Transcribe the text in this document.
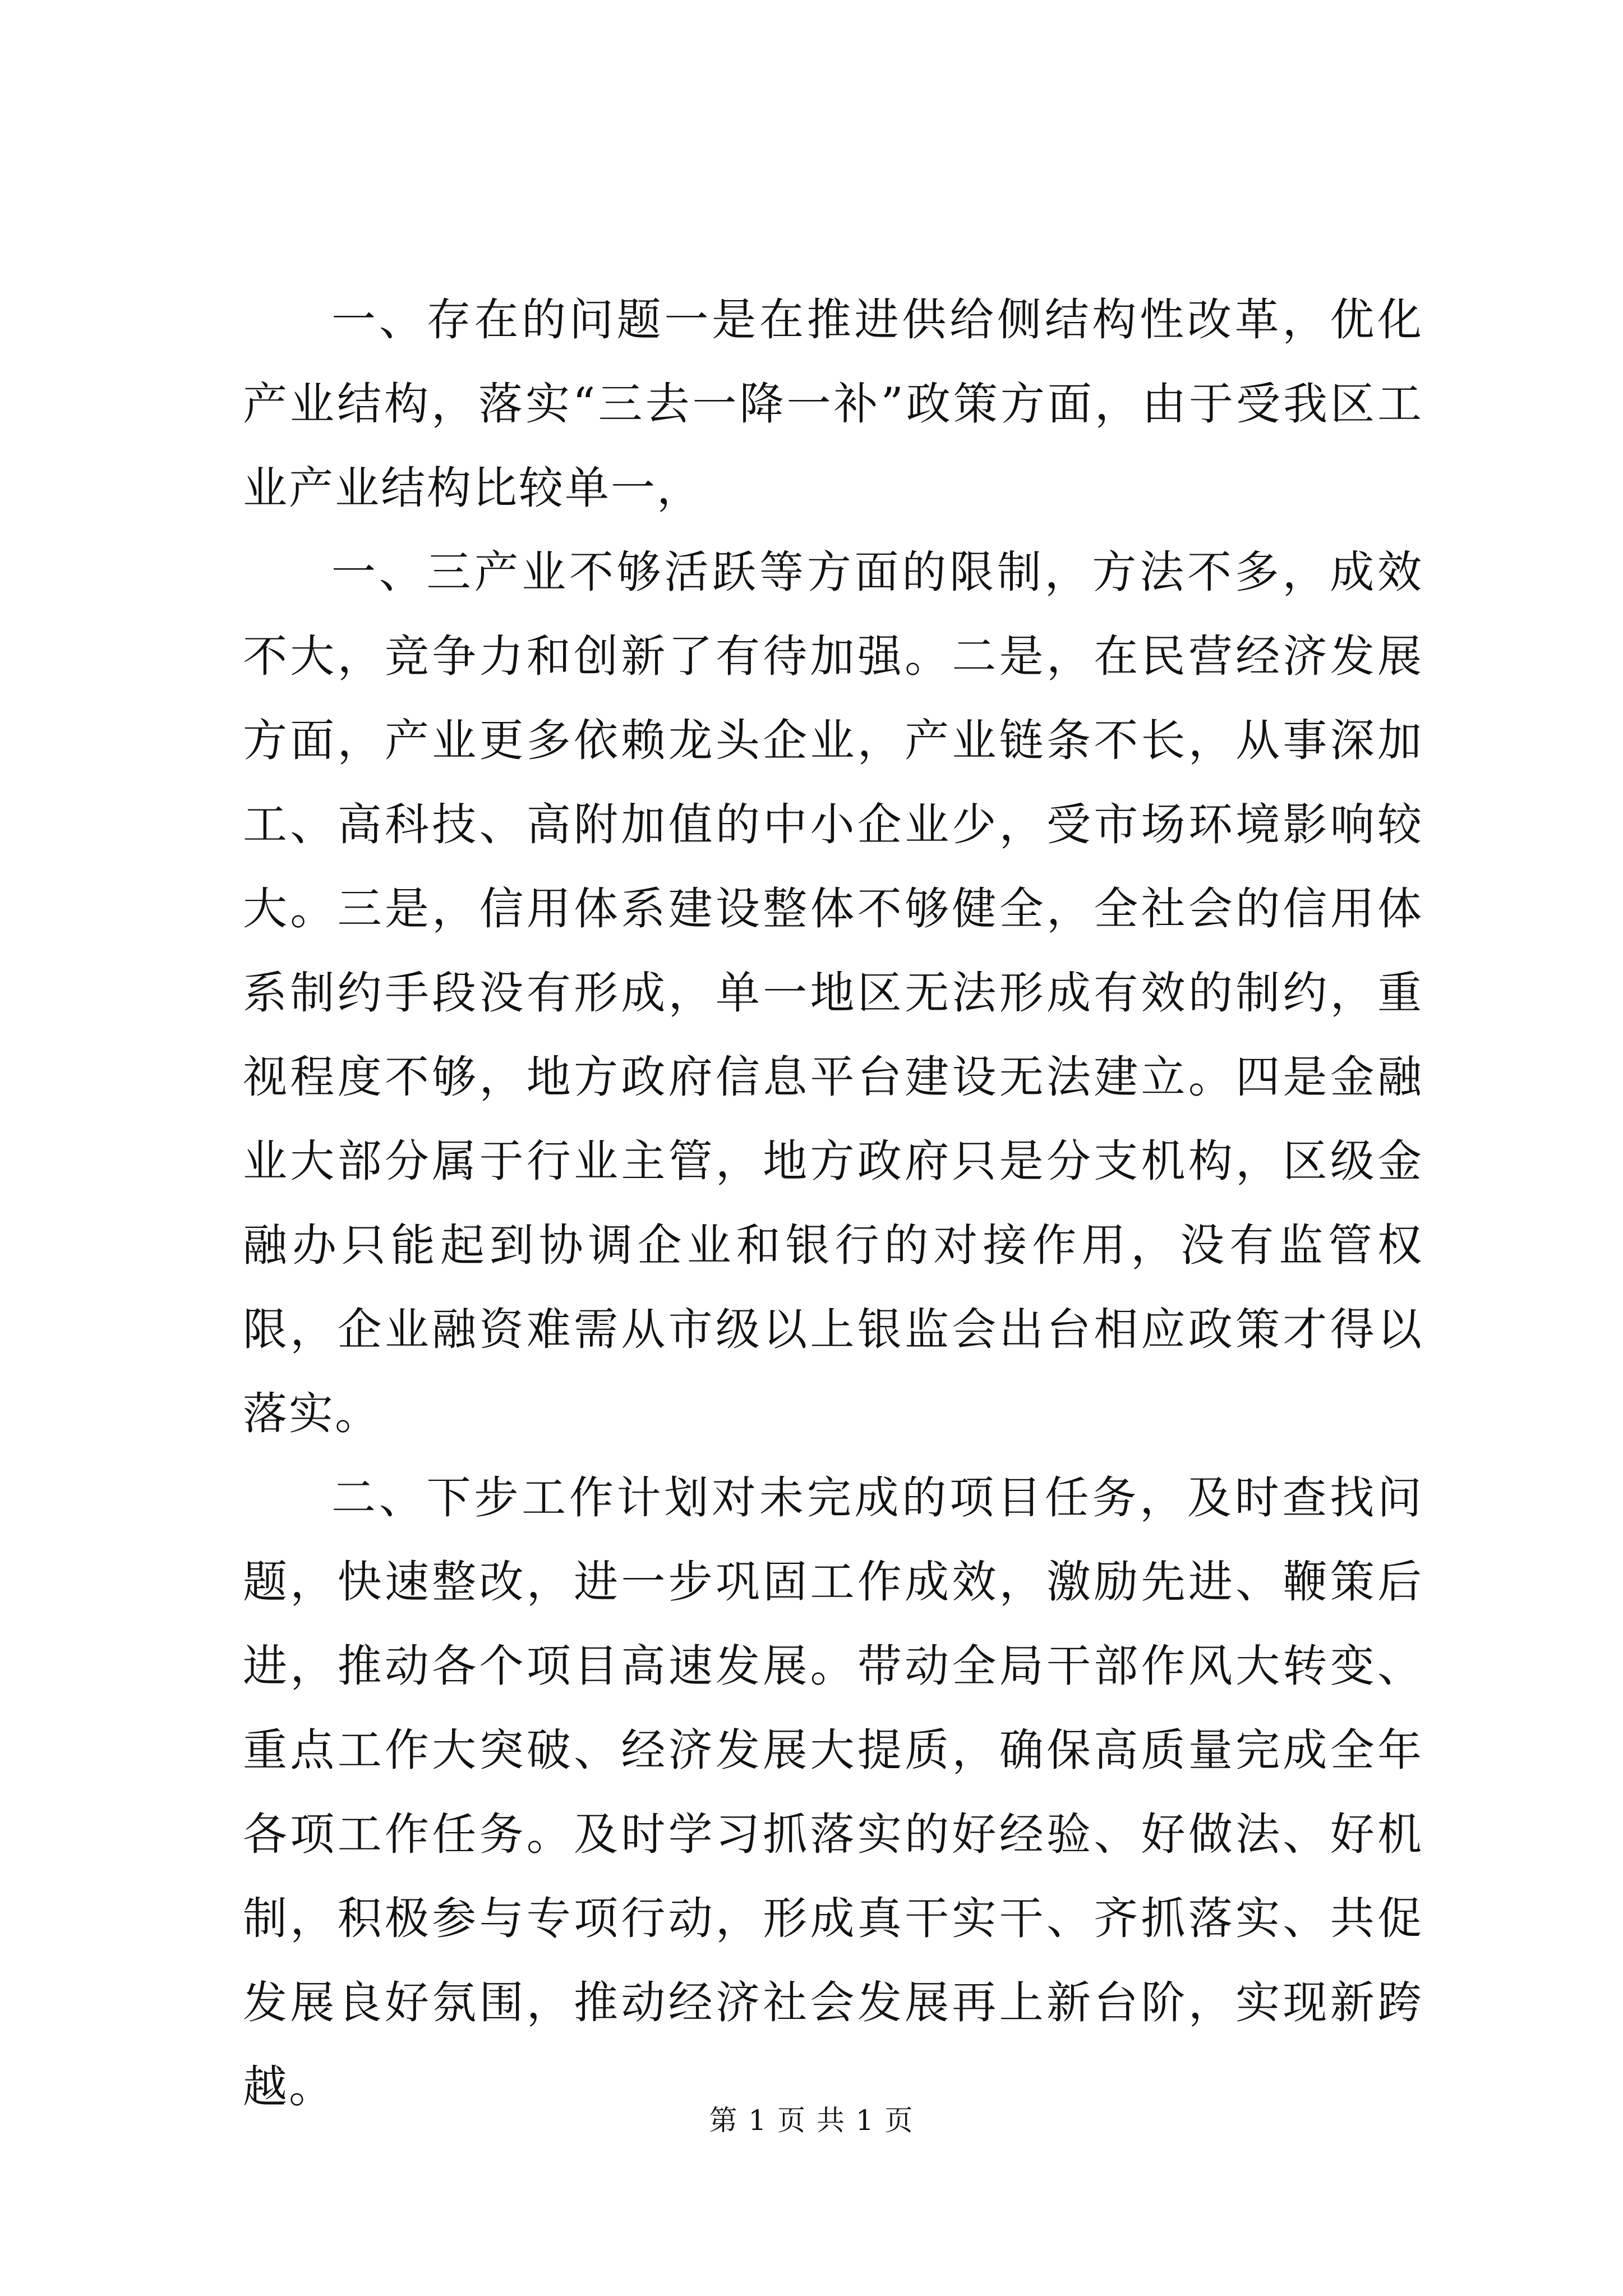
一、存在的问题一是在推进供给侧结构性改革，优化产业结构，落实“三去一降一补”政策方面，由于受我区工业产业结构比较单一，

一、三产业不够活跃等方面的限制，方法不多，成效不大，竞争力和创新了有待加强。二是，在民营经济发展方面，产业更多依赖龙头企业，产业链条不长，从事深加工、高科技、高附加值的中小企业少，受市场环境影响较大。三是，信用体系建设整体不够健全，全社会的信用体系制约手段没有形成，单一地区无法形成有效的制约，重视程度不够，地方政府信息平台建设无法建立。四是金融业大部分属于行业主管，地方政府只是分支机构，区级金融办只能起到协调企业和银行的对接作用，没有监管权限，企业融资难需从市级以上银监会出台相应政策才得以落实。

二、下步工作计划对未完成的项目任务，及时查找问题，快速整改，进一步巩固工作成效，激励先进、鞭策后进，推动各个项目高速发展。带动全局干部作风大转变、重点工作大突破、经济发展大提质，确保高质量完成全年各项工作任务。及时学习抓落实的好经验、好做法、好机制，积极参与专项行动，形成真干实干、齐抓落实、共促发展良好氛围，推动经济社会发展再上新台阶，实现新跨越。

第 1 页 共 1 页
